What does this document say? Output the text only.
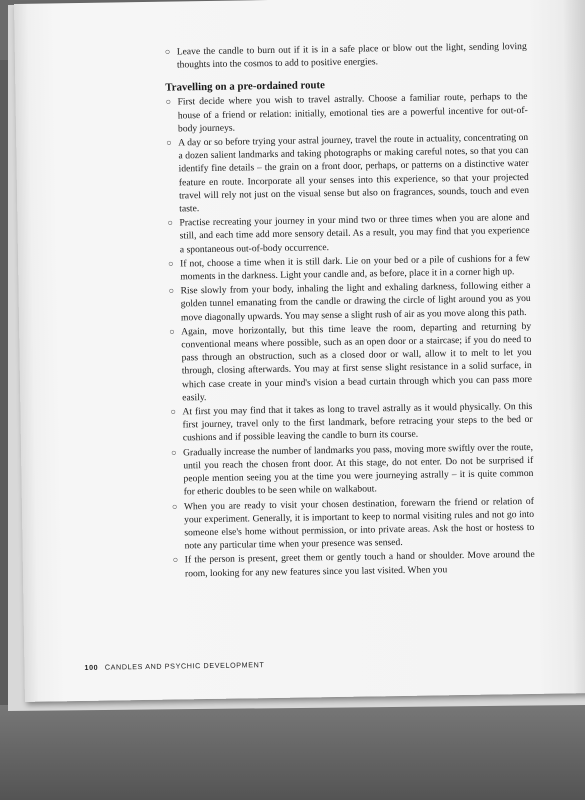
○ Leave the candle to burn out if it is in a safe place or blow out the light, sending loving thoughts into the cosmos to add to positive energies.
Travelling on a pre-ordained route
○ First decide where you wish to travel astrally. Choose a familiar route, perhaps to the house of a friend or relation: initially, emotional ties are a powerful incentive for out-of-body journeys.
○ A day or so before trying your astral journey, travel the route in actuality, concentrating on a dozen salient landmarks and taking photographs or making careful notes, so that you can identify fine details – the grain on a front door, perhaps, or patterns on a distinctive water feature en route. Incorporate all your senses into this experience, so that your projected travel will rely not just on the visual sense but also on fragrances, sounds, touch and even taste.
○ Practise recreating your journey in your mind two or three times when you are alone and still, and each time add more sensory detail. As a result, you may find that you experience a spontaneous out-of-body occurrence.
○ If not, choose a time when it is still dark. Lie on your bed or a pile of cushions for a few moments in the darkness. Light your candle and, as before, place it in a corner high up.
○ Rise slowly from your body, inhaling the light and exhaling darkness, following either a golden tunnel emanating from the candle or drawing the circle of light around you as you move diagonally upwards. You may sense a slight rush of air as you move along this path.
○ Again, move horizontally, but this time leave the room, departing and returning by conventional means where possible, such as an open door or a staircase; if you do need to pass through an obstruction, such as a closed door or wall, allow it to melt to let you through, closing afterwards. You may at first sense slight resistance in a solid surface, in which case create in your mind's vision a bead curtain through which you can pass more easily.
○ At first you may find that it takes as long to travel astrally as it would physically. On this first journey, travel only to the first landmark, before retracing your steps to the bed or cushions and if possible leaving the candle to burn its course.
○ Gradually increase the number of landmarks you pass, moving more swiftly over the route, until you reach the chosen front door. At this stage, do not enter. Do not be surprised if people mention seeing you at the time you were journeying astrally – it is quite common for etheric doubles to be seen while on walkabout.
○ When you are ready to visit your chosen destination, forewarn the friend or relation of your experiment. Generally, it is important to keep to normal visiting rules and not go into someone else's home without permission, or into private areas. Ask the host or hostess to note any particular time when your presence was sensed.
○ If the person is present, greet them or gently touch a hand or shoulder. Move around the room, looking for any new features since you last visited. When you
100 CANDLES AND PSYCHIC DEVELOPMENT
